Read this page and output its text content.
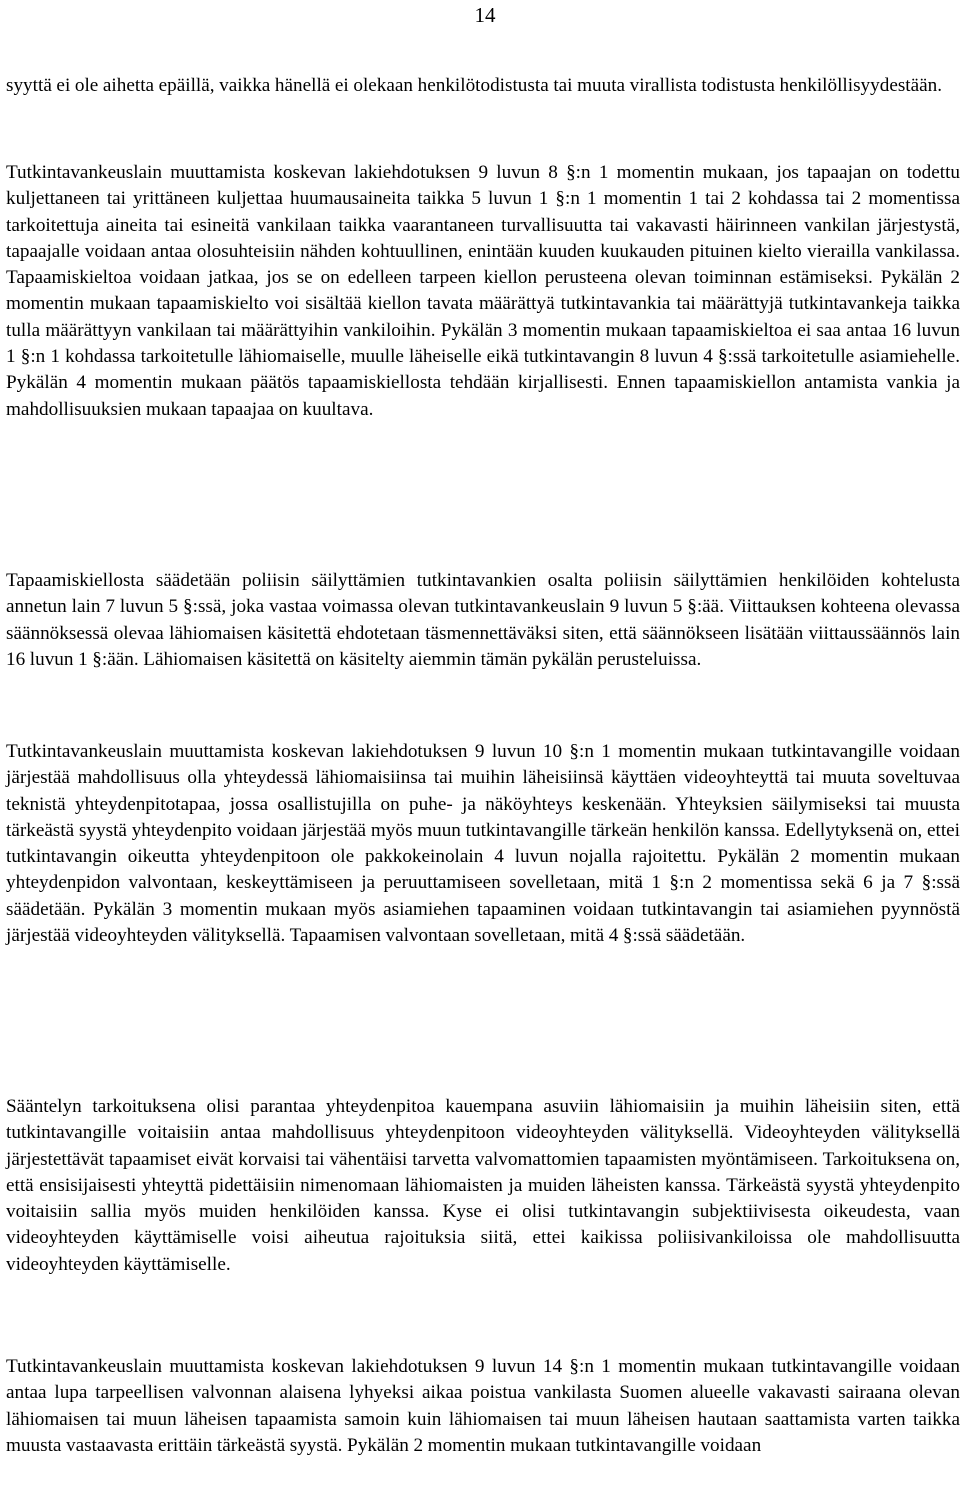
14

syyttä ei ole aihetta epäillä, vaikka hänellä ei olekaan henkilötodistusta tai muuta virallista todistusta henkilöllisyydestään.

Tutkintavankeuslain muuttamista koskevan lakiehdotuksen 9 luvun 8 §:n 1 momentin mukaan, jos tapaajan on todettu kuljettaneen tai yrittäneen kuljettaa huumausaineita taikka 5 luvun 1 §:n 1 momentin 1 tai 2 kohdassa tai 2 momentissa tarkoitettuja aineita tai esineitä vankilaan taikka vaarantaneen turvallisuutta tai vakavasti häirinneen vankilan järjestystä, tapaajalle voidaan antaa olosuhteisiin nähden kohtuullinen, enintään kuuden kuukauden pituinen kielto vierailla vankilassa. Tapaamiskieltoa voidaan jatkaa, jos se on edelleen tarpeen kiellon perusteena olevan toiminnan estämiseksi. Pykälän 2 momentin mukaan tapaamiskielto voi sisältää kiellon tavata määrättyä tutkintavankia tai määrättyjä tutkintavankeja taikka tulla määrättyyn vankilaan tai määrättyihin vankiloihin. Pykälän 3 momentin mukaan tapaamiskieltoa ei saa antaa 16 luvun 1 §:n 1 kohdassa tarkoitetulle lähiomaiselle, muulle läheiselle eikä tutkintavangin 8 luvun 4 §:ssä tarkoitetulle asiamiehelle. Pykälän 4 momentin mukaan päätös tapaamiskiellosta tehdään kirjallisesti. Ennen tapaamiskiellon antamista vankia ja mahdollisuuksien mukaan tapaajaa on kuultava.

Tapaamiskiellosta säädetään poliisin säilyttämien tutkintavankien osalta poliisin säilyttämien henkilöiden kohtelusta annetun lain 7 luvun 5 §:ssä, joka vastaa voimassa olevan tutkintavankeuslain 9 luvun 5 §:ää. Viittauksen kohteena olevassa säännöksessä olevaa lähiomaisen käsitettä ehdotetaan täsmennettäväksi siten, että säännökseen lisätään viittaussäännös lain 16 luvun 1 §:ään. Lähiomaisen käsitettä on käsitelty aiemmin tämän pykälän perusteluissa.

Tutkintavankeuslain muuttamista koskevan lakiehdotuksen 9 luvun 10 §:n 1 momentin mukaan tutkintavangille voidaan järjestää mahdollisuus olla yhteydessä lähiomaisiinsa tai muihin läheisiinsä käyttäen videoyhteyttä tai muuta soveltuvaa teknistä yhteydenpitotapaa, jossa osallistujilla on puhe- ja näköyhteys keskenään. Yhteyksien säilymiseksi tai muusta tärkeästä syystä yhteydenpito voidaan järjestää myös muun tutkintavangille tärkeän henkilön kanssa. Edellytyksenä on, ettei tutkintavangin oikeutta yhteydenpitoon ole pakkokeinolain 4 luvun nojalla rajoitettu. Pykälän 2 momentin mukaan yhteydenpidon valvontaan, keskeyttämiseen ja peruuttamiseen sovelletaan, mitä 1 §:n 2 momentissa sekä 6 ja 7 §:ssä säädetään. Pykälän 3 momentin mukaan myös asiamiehen tapaaminen voidaan tutkintavangin tai asiamiehen pyynnöstä järjestää videoyhteyden välityksellä. Tapaamisen valvontaan sovelletaan, mitä 4 §:ssä säädetään.

Sääntelyn tarkoituksena olisi parantaa yhteydenpitoa kauempana asuviin lähiomaisiin ja muihin läheisiin siten, että tutkintavangille voitaisiin antaa mahdollisuus yhteydenpitoon videoyhteyden välityksellä. Videoyhteyden välityksellä järjestettävät tapaamiset eivät korvaisi tai vähentäisi tarvetta valvomattomien tapaamisten myöntämiseen. Tarkoituksena on, että ensisijaisesti yhteyttä pidettäisiin nimenomaan lähiomaisten ja muiden läheisten kanssa. Tärkeästä syystä yhteydenpito voitaisiin sallia myös muiden henkilöiden kanssa. Kyse ei olisi tutkintavangin subjektiivisesta oikeudesta, vaan videoyhteyden käyttämiselle voisi aiheutua rajoituksia siitä, ettei kaikissa poliisivankiloissa ole mahdollisuutta videoyhteyden käyttämiselle.

Tutkintavankeuslain muuttamista koskevan lakiehdotuksen 9 luvun 14 §:n 1 momentin mukaan tutkintavangille voidaan antaa lupa tarpeellisen valvonnan alaisena lyhyeksi aikaa poistua vankilasta Suomen alueelle vakavasti sairaana olevan lähiomaisen tai muun läheisen tapaamista samoin kuin lähiomaisen tai muun läheisen hautaan saattamista varten taikka muusta vastaavasta erittäin tärkeästä syystä. Pykälän 2 momentin mukaan tutkintavangille voidaan
